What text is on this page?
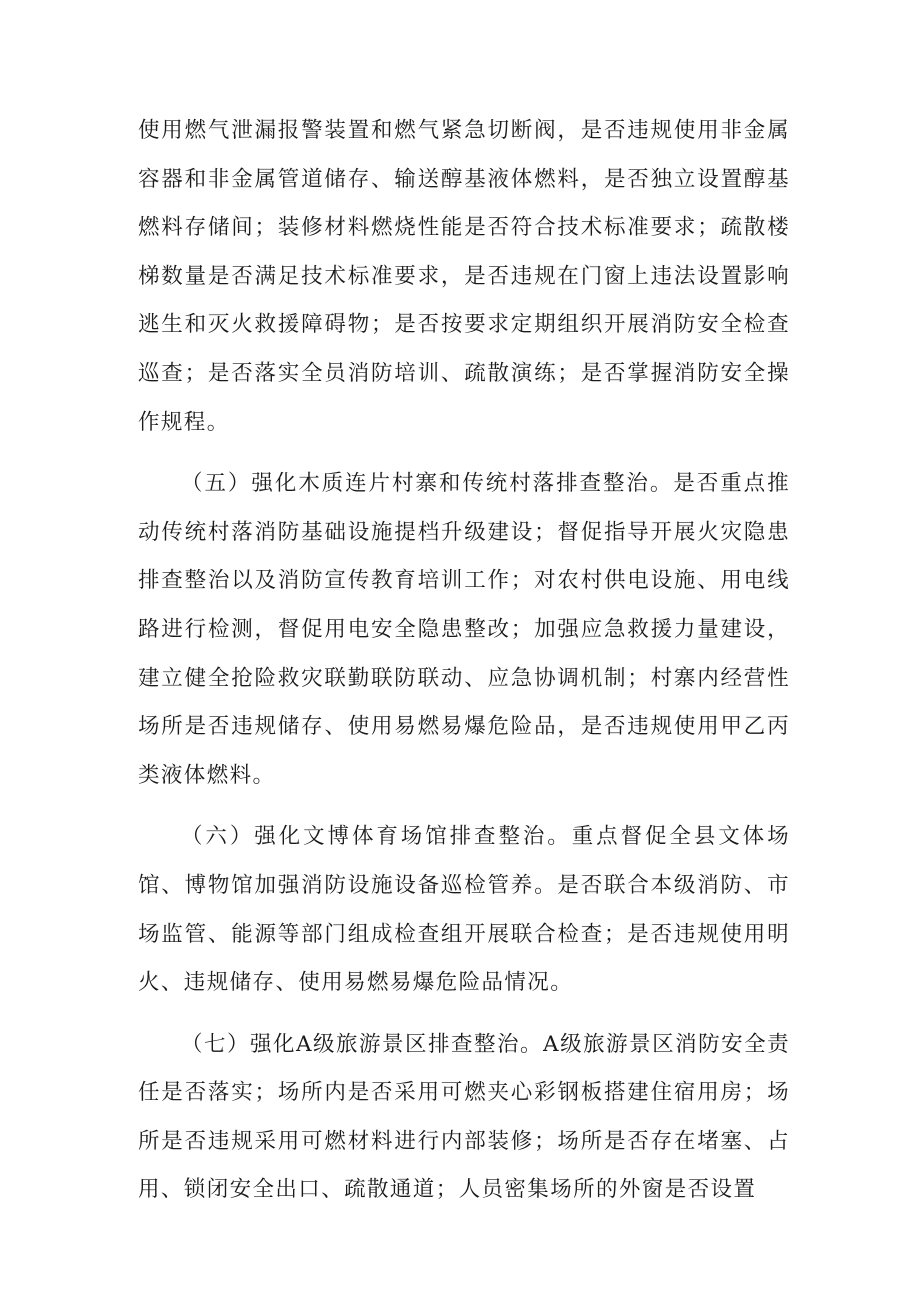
使用燃气泄漏报警装置和燃气紧急切断阀，是否违规使用非金属容器和非金属管道储存、输送醇基液体燃料，是否独立设置醇基燃料存储间；装修材料燃烧性能是否符合技术标准要求；疏散楼梯数量是否满足技术标准要求，是否违规在门窗上违法设置影响逃生和灭火救援障碍物；是否按要求定期组织开展消防安全检查巡查；是否落实全员消防培训、疏散演练；是否掌握消防安全操作规程。

（五）强化木质连片村寨和传统村落排查整治。是否重点推动传统村落消防基础设施提档升级建设；督促指导开展火灾隐患排查整治以及消防宣传教育培训工作；对农村供电设施、用电线路进行检测，督促用电安全隐患整改；加强应急救援力量建设，建立健全抢险救灾联勤联防联动、应急协调机制；村寨内经营性场所是否违规储存、使用易燃易爆危险品，是否违规使用甲乙丙类液体燃料。

（六）强化文博体育场馆排查整治。重点督促全县文体场馆、博物馆加强消防设施设备巡检管养。是否联合本级消防、市场监管、能源等部门组成检查组开展联合检查；是否违规使用明火、违规储存、使用易燃易爆危险品情况。

（七）强化A级旅游景区排查整治。A级旅游景区消防安全责任是否落实；场所内是否采用可燃夹心彩钢板搭建住宿用房；场所是否违规采用可燃材料进行内部装修；场所是否存在堵塞、占用、锁闭安全出口、疏散通道；人员密集场所的外窗是否设置
